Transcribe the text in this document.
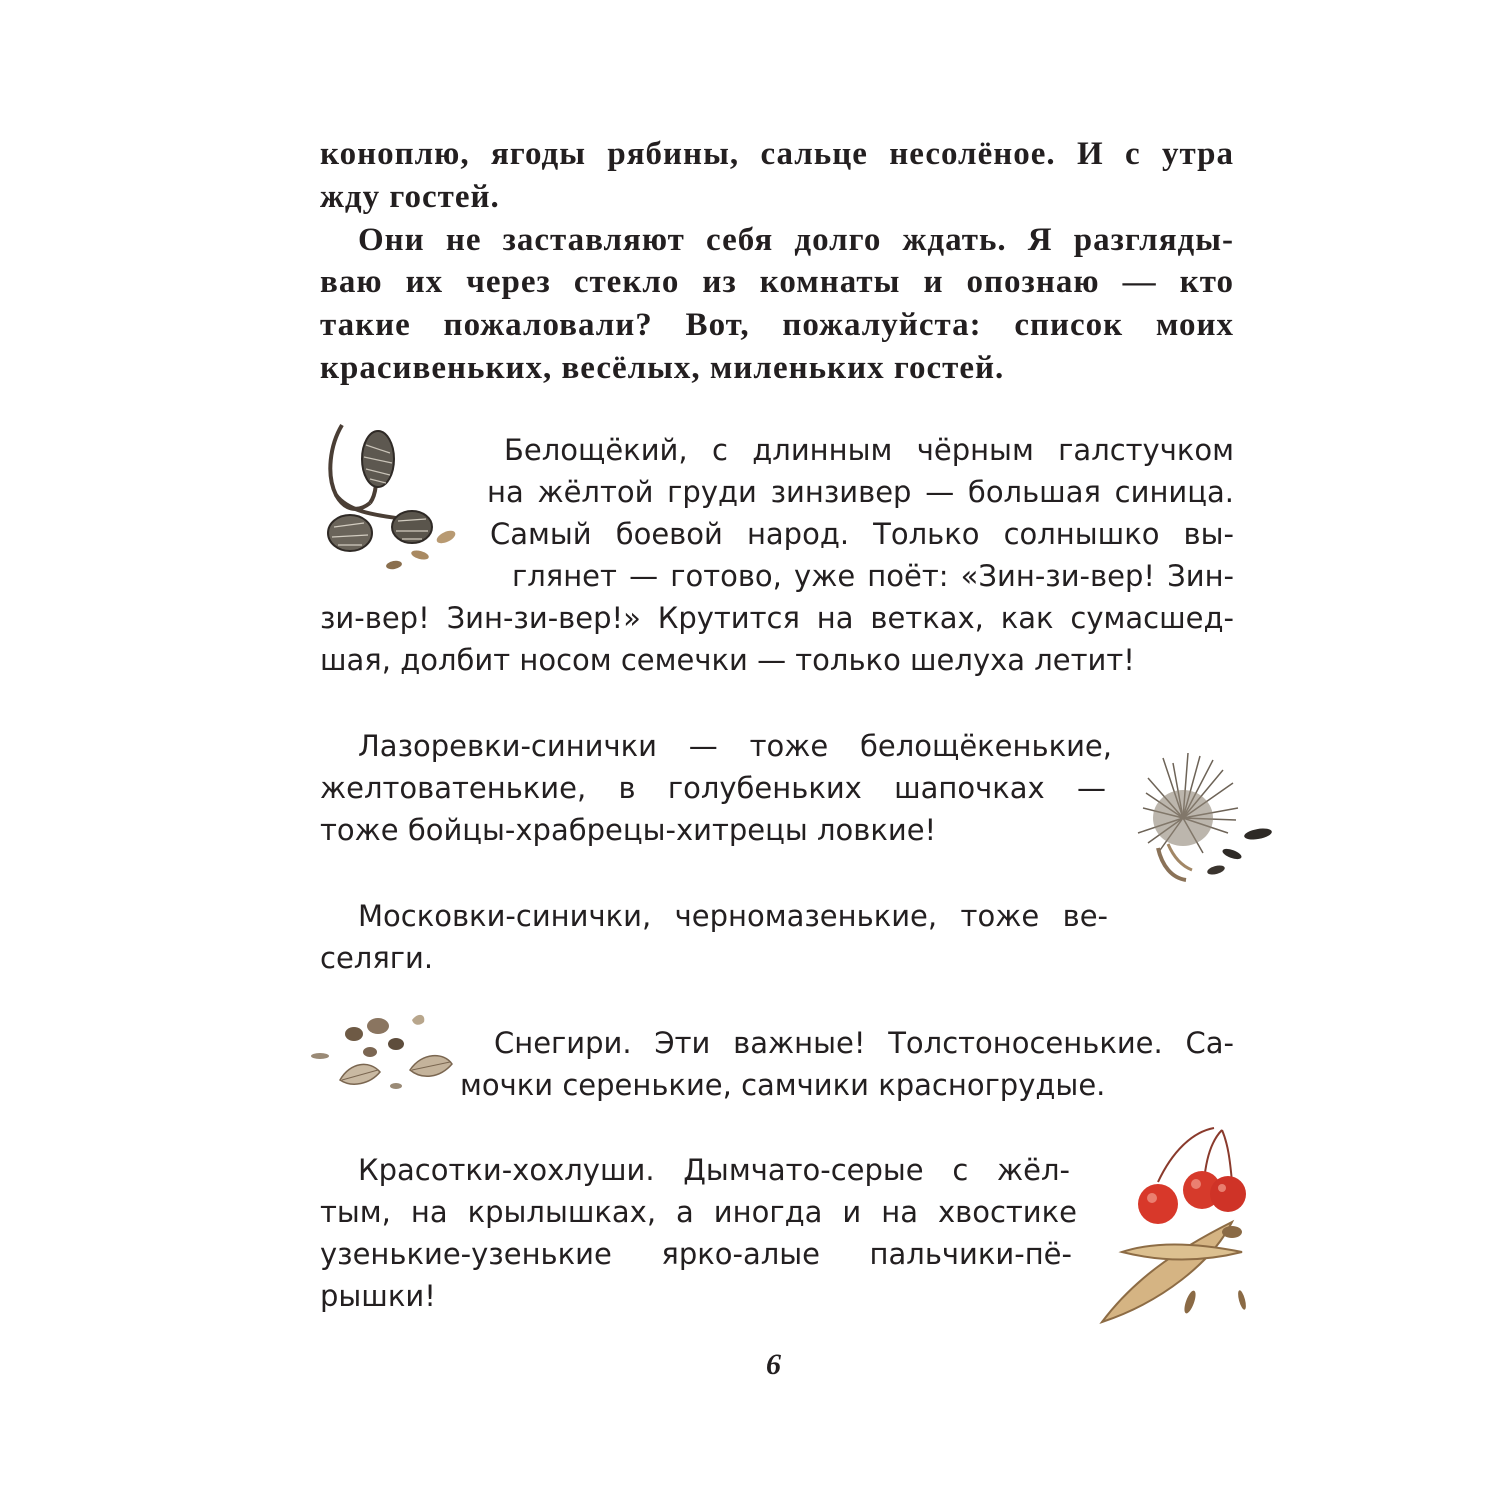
коноплю, ягоды рябины, сальце несолёное. И с утра
жду гостей.
Они не заставляют себя долго ждать. Я разгляды-
ваю их через стекло из комнаты и опознаю — кто
такие пожаловали? Вот, пожалуйста: список моих
красивеньких, весёлых, миленьких гостей.
Белощёкий, с длинным чёрным галстучком
на жёлтой груди зинзивер — большая синица.
Самый боевой народ. Только солнышко вы-
глянет — готово, уже поёт: «Зин-зи-вер! Зин-
зи-вер! Зин-зи-вер!» Крутится на ветках, как сумасшед-
шая, долбит носом семечки — только шелуха летит!
Лазоревки-синички — тоже белощёкенькие,
желтоватенькие, в голубеньких шапочках —
тоже бойцы-храбрецы-хитрецы ловкие!
Московки-синички, черномазенькие, тоже ве-
селяги.
Снегири. Эти важные! Толстоносенькие. Са-
мочки серенькие, самчики красногрудые.
Красотки-хохлуши. Дымчато-серые с жёл-
тым, на крылышках, а иногда и на хвостике
узенькие-узенькие ярко-алые пальчики-пё-
рышки!
6
